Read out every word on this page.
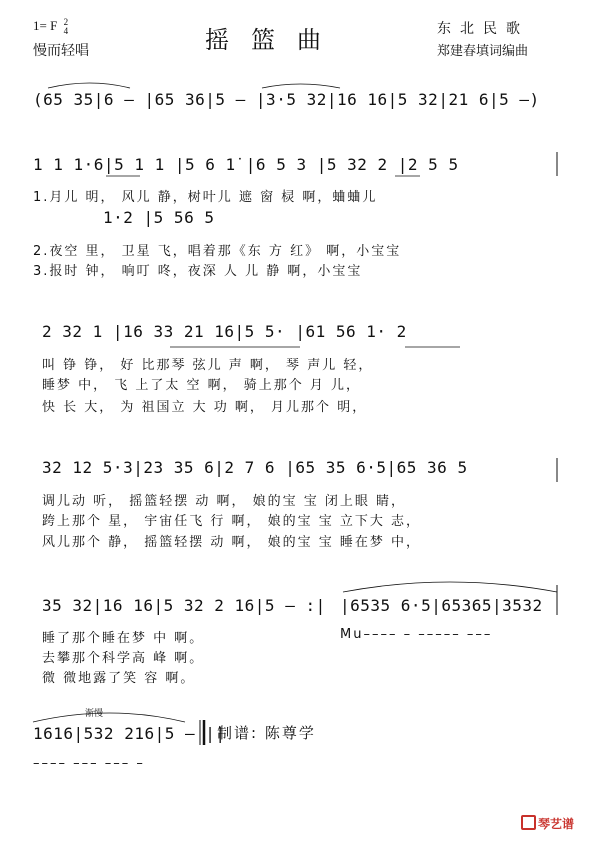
1= F 2
4
慢而轻唱	摇篮曲	东北民歌
郑建春填词编曲
(65 35|6 – |65 36|5 – |3·5 32|16 16|5 32|21 6|5 –)
1 1 1·6|5 1 1 |5 6 1̇ |6 5 3 |5 32 2 |2 5 5
1.月儿 明， 风儿 静，树叶儿 遮 窗 棂 啊，蛐蛐儿
1·2 |5 56 5
2.夜空 里， 卫星 飞，唱着那《东 方 红》 啊，小宝宝
3.报时 钟， 响叮 咚，夜深 人 儿 静 啊，小宝宝
2 32 1 |16 33 21 16|5 5· |61 56 1· 2
叫 铮 铮， 好 比那琴 弦儿 声 啊， 琴 声儿 轻，
睡梦 中， 飞 上了太 空 啊， 骑上那个 月 儿，
快 长 大， 为 祖国立 大 功 啊， 月儿那个 明，
32 12 5·3|23 35 6|2 7 6 |65 35 6·5|65 36 5
调儿动 听， 摇篮轻摆 动 啊， 娘的宝 宝 闭上眼 睛，
跨上那个 星， 宇宙任飞 行 啊， 娘的宝 宝 立下大 志，
风儿那个 静， 摇篮轻摆 动 啊， 娘的宝 宝 睡在梦 中，
35 32|16 16|5 32 2 16|5 – :| |6535 6·5|65365|3532
睡了那个睡在梦 中 啊。	Mu–––– – ––––– –––
去攀那个科学高 峰 啊。
微 微地露了笑 容 啊。
渐慢
1616|532 216|5 – ||
–––– ––– ––– –
制谱: 陈尊学
琴艺谱
